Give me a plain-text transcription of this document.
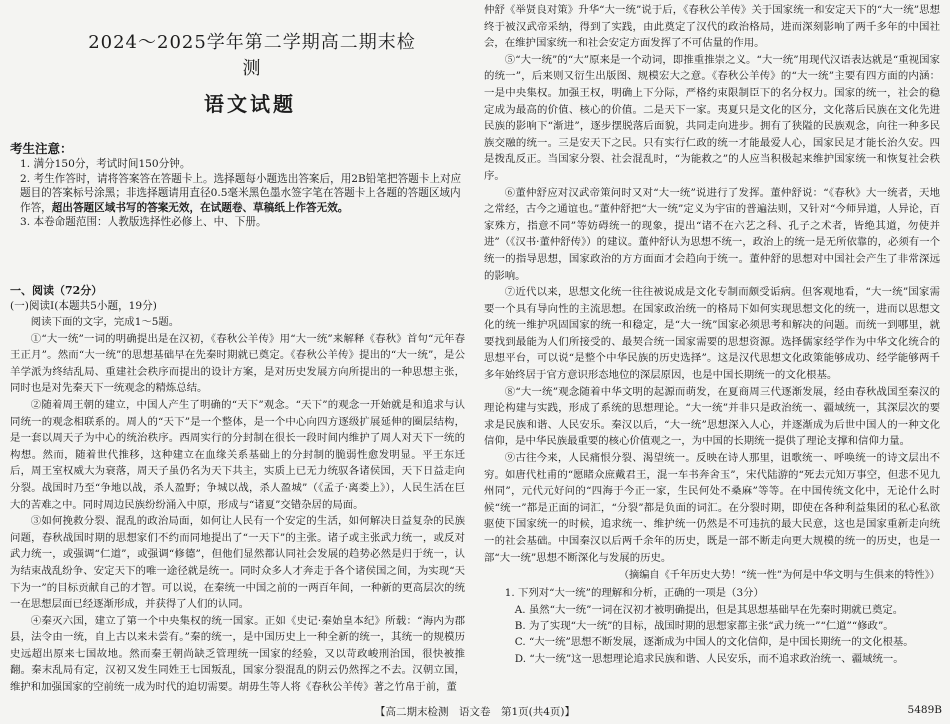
2024～2025学年第二学期高二期末检测
语文试题
考生注意：

1. 满分150分，考试时间150分钟。

2. 考生作答时，请将答案答在答题卡上。选择题每小题选出答案后，用2B铅笔把答题卡上对应题目的答案标号涂黑；非选择题请用直径0.5毫米黑色墨水签字笔在答题卡上各题的答题区域内作答，超出答题区域书写的答案无效，在试题卷、草稿纸上作答无效。

3. 本卷命题范围：人教版选择性必修上、中、下册。

一、阅读（72分）
(一)阅读Ⅰ(本题共5小题，19分)

阅读下面的文字，完成1～5题。

①“大一统”一词的明确提出是在汉初，《春秋公羊传》用“大一统”来解释《春秋》首句“元年春王正月”。然而“大一统”的思想基础早在先秦时期就已奠定。《春秋公羊传》提出的“大一统”，是公羊学派为终结乱局、重建社会秩序而提出的设计方案，是对历史发展方向所提出的一种思想主张，同时也是对先秦天下一统观念的精炼总结。

②随着周王朝的建立，中国人产生了明确的“天下”观念。“天下”的观念一开始就是和追求与认同统一的观念相联系的。周人的“天下”是一个整体，是一个中心向四方逐级扩展延伸的圈层结构，是一套以周天子为中心的统治秩序。西周实行的分封制在很长一段时间内维护了周人对天下一统的构想。然而，随着世代推移，这种建立在血缘关系基础上的分封制的脆弱性愈发明显。平王东迁后，周王室权威大为衰落，周天子虽仍名为天下共主，实质上已无力统驭各诸侯国，天下日益走向分裂。战国时乃至“争地以战，杀人盈野；争城以战，杀人盈城”（《孟子·离娄上》），人民生活在巨大的苦难之中。同时周边民族纷纷涌入中原，形成与“诸夏”交错杂居的局面。

③如何挽救分裂、混乱的政治局面，如何让人民有一个安定的生活，如何解决日益复杂的民族问题，春秋战国时期的思想家们不约而同地提出了“一天下”的主张。诸子或主张武力统一，或反对武力统一，或强调“仁道”，或强调“修德”，但他们显然都认同社会发展的趋势必然是归于统一，认为结束战乱纷争、安定天下的唯一途径就是统一。同时众多人才奔走于各个诸侯国之间，为实现“天下为一”的目标贡献自己的才智。可以说，在秦统一中国之前的一两百年间，一种新的更高层次的统一在思想层面已经逐渐形成，并获得了人们的认同。

④秦灭六国，建立了第一个中央集权的统一国家。正如《史记·秦始皇本纪》所载：“海内为郡县，法令由一统，自上古以来未尝有。”秦的统一，是中国历史上一种全新的统一，其统一的规模历史远超出原来七国故地。然而秦王朝尚缺乏管理统一国家的经验，又以苛政峻刑治国，很快被推翻。秦末乱局有定，汉初又发生同姓王七国叛乱，国家分裂混乱的阴云仍然挥之不去。汉朝立国，维护和加强国家的空前统一成为时代的迫切需要。胡毋生等人将《春秋公羊传》著之竹帛于前，董

仲舒《举贤良对策》升华“大一统”说于后，《春秋公羊传》关于国家统一和安定天下的“大一统”思想终于被汉武帝采纳，得到了实践，由此奠定了汉代的政治格局，进而深刻影响了两千多年的中国社会，在维护国家统一和社会安定方面发挥了不可估量的作用。

⑤“大一统”的“大”原来是一个动词，即推重推崇之义。“大一统”用现代汉语表达就是“重视国家的统一”，后来则又衍生出版图、规模宏大之意。《春秋公羊传》的“大一统”主要有四方面的内涵：一是中央集权。加强王权，明确上下分际，严格约束限制臣下的名分权力。国家的统一，社会的稳定成为最高的价值、核心的价值。二是天下一家。夷夏只是文化的区分，文化落后民族在文化先进民族的影响下“渐进”，逐步摆脱落后面貌，共同走向进步。拥有了狭隘的民族观念，向往一种多民族交融的统一。三是安天下之民。只有实行仁政的统一才能最爱人心，国家民足才能长治久安。四是拨乱反正。当国家分裂、社会混乱时，“为能救之”的人应当积极起来维护国家统一和恢复社会秩序。

⑥董仲舒应对汉武帝策问时又对“大一统”说进行了发挥。董仲舒说：“《春秋》大一统者，天地之常经，古今之通谊也。”董仲舒把“大一统”定义为宇宙的普遍法则，又针对“今师异道，人异论，百家殊方，指意不同”等妨碍统一的现象，提出“诸不在六艺之科、孔子之术者，皆绝其道，勿使并进”（《汉书·董仲舒传》）的建议。董仲舒认为思想不统一，政治上的统一是无所依靠的，必须有一个统一的指导思想，国家政治的方方面面才会趋向于统一。董仲舒的思想对中国社会产生了非常深远的影响。

⑦近代以来，思想文化统一往往被说成是文化专制而颇受诟病。但客观地看，“大一统”国家需要一个具有导向性的主流思想。在国家政治统一的格局下如何实现思想文化的统一，进而以思想文化的统一维护巩固国家的统一和稳定，是“大一统”国家必须思考和解决的问题。而统一到哪里，就要找到最能为人们所接受的、最契合统一国家需要的思想资源。选择儒家经学作为中华文化统合的思想平台，可以说“是整个中华民族的历史选择”。这是汉代思想文化政策能够成功、经学能够两千多年始终居于官方意识形态地位的深层原因，也是中国长期统一的文化根基。

⑧“大一统”观念随着中华文明的起源而萌发，在夏商周三代逐渐发展，经由春秋战国至秦汉的理论构建与实践，形成了系统的思想理论。“大一统”并非只是政治统一、疆域统一，其深层次的要求是民族和谐、人民安乐。秦汉以后，“大一统”思想深入人心，并逐渐成为后世中国人的一种文化信仰，是中华民族最重要的核心价值观之一，为中国的长期统一提供了理论支撑和信仰力量。

⑨古往今来，人民痛恨分裂、渴望统一。反映在诗人那里，诅歌统一、呼唤统一的诗文层出不穷。如唐代杜甫的“愿睹众庶戴君王，混一车书奔舍玉”，宋代陆游的“死去元知万事空，但悲不见九州同”，元代元好问的“四海于今正一家，生民何处不桑麻”等等。在中国传统文化中，无论什么时候“统一”都是正面的词汇，“分裂”都是负面的词汇。在分裂时期，即使在各种利益集团的私心私欲驱使下国家统一的时候，追求统一、维护统一仍然是不可违抗的最大民意，这也是国家重新走向统一的社会基础。中国秦汉以后两千余年的历史，既是一部不断走向更大规模的统一的历史，也是一部“大一统”思想不断深化与发展的历史。

（摘编自《千年历史大势！“统一性”为何是中华文明与生俱来的特性》）

1. 下列对“大一统”的理解和分析，正确的一项是（3分）

A. 虽然“大一统”一词在汉初才被明确提出，但是其思想基础早在先秦时期就已奠定。

B. 为了实现“大一统”的目标，战国时期的思想家都主张“武力统一”“仁道”“修政”。

C. “大一统”思想不断发展，逐渐成为中国人的文化信仰，是中国长期统一的文化根基。

D. “大一统”这一思想理论追求民族和谐、人民安乐，而不追求政治统一、疆域统一。

【高二期末检测　语文卷　第1页(共4页)】	5489B
